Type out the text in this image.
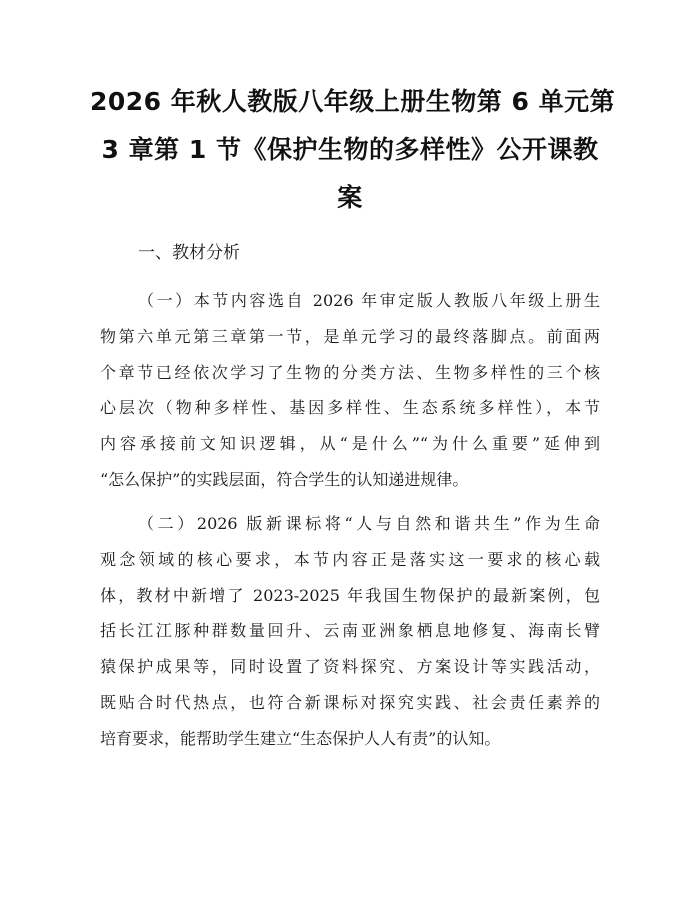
2026 年秋人教版八年级上册生物第 6 单元第
3 章第 1 节《保护生物的多样性》公开课教
案
一、教材分析

（一）本节内容选自 2026 年审定版人教版八年级上册生
物第六单元第三章第一节，是单元学习的最终落脚点。前面两
个章节已经依次学习了生物的分类方法、生物多样性的三个核
心层次（物种多样性、基因多样性、生态系统多样性），本节
内容承接前文知识逻辑，从“是什么”“为什么重要”延伸到
“怎么保护”的实践层面，符合学生的认知递进规律。

（二）2026 版新课标将“人与自然和谐共生”作为生命
观念领域的核心要求，本节内容正是落实这一要求的核心载
体，教材中新增了 2023-2025 年我国生物保护的最新案例，包
括长江江豚种群数量回升、云南亚洲象栖息地修复、海南长臂
猿保护成果等，同时设置了资料探究、方案设计等实践活动，
既贴合时代热点，也符合新课标对探究实践、社会责任素养的
培育要求，能帮助学生建立“生态保护人人有责”的认知。
